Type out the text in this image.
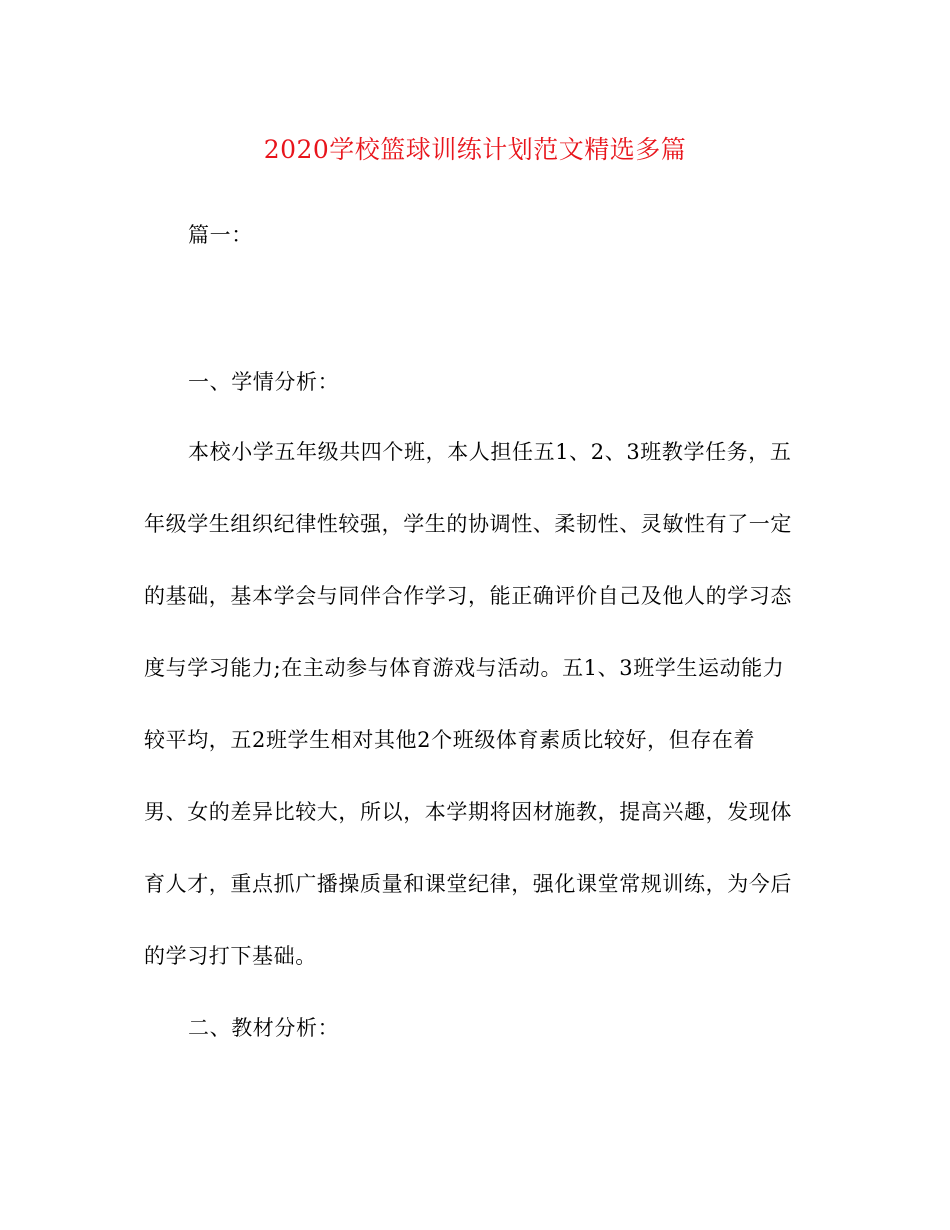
2020学校篮球训练计划范文精选多篇
篇一：
一、学情分析：
本校小学五年级共四个班，本人担任五1、2、3班教学任务，五
年级学生组织纪律性较强，学生的协调性、柔韧性、灵敏性有了一定
的基础，基本学会与同伴合作学习，能正确评价自己及他人的学习态
度与学习能力;在主动参与体育游戏与活动。五1、3班学生运动能力
较平均，五2班学生相对其他2个班级体育素质比较好，但存在着
男、女的差异比较大，所以，本学期将因材施教，提高兴趣，发现体
育人才，重点抓广播操质量和课堂纪律，强化课堂常规训练，为今后
的学习打下基础。
二、教材分析：
